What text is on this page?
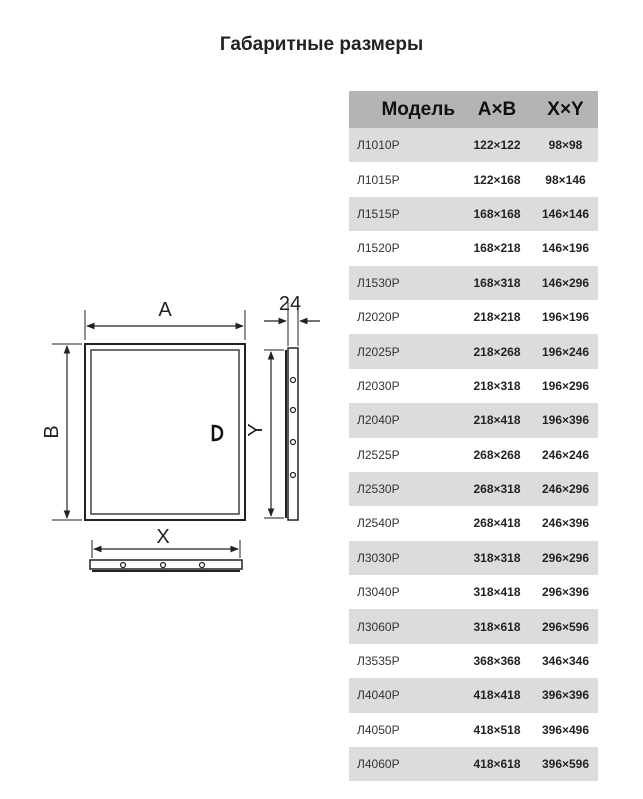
Габаритные размеры
A
B
24
Y
X
Модель	A×B	X×Y
Л1010Р	122×122	98×98
Л1015Р	122×168	98×146
Л1515Р	168×168	146×146
Л1520Р	168×218	146×196
Л1530Р	168×318	146×296
Л2020Р	218×218	196×196
Л2025Р	218×268	196×246
Л2030Р	218×318	196×296
Л2040Р	218×418	196×396
Л2525Р	268×268	246×246
Л2530Р	268×318	246×296
Л2540Р	268×418	246×396
Л3030Р	318×318	296×296
Л3040Р	318×418	296×396
Л3060Р	318×618	296×596
Л3535Р	368×368	346×346
Л4040Р	418×418	396×396
Л4050Р	418×518	396×496
Л4060Р	418×618	396×596
